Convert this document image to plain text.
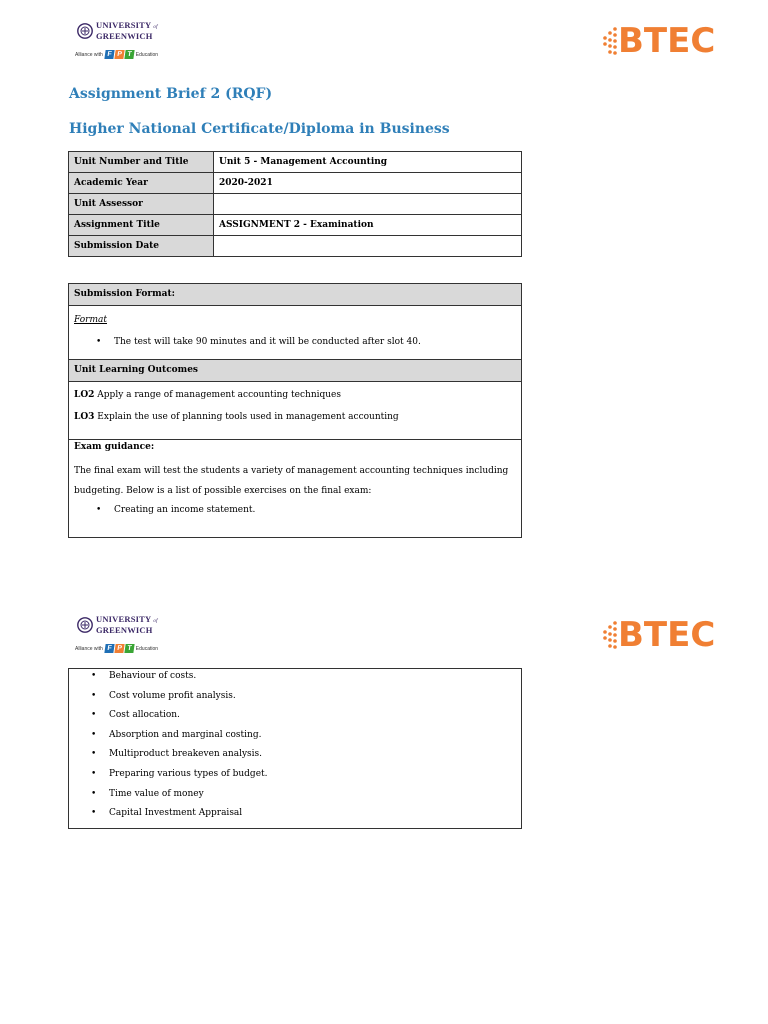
UNIVERSITY of
GREENWICH
Alliance with F P T Education	BTEC
Assignment Brief 2 (RQF)
Higher National Certificate/Diploma in Business
Unit Number and Title	Unit 5 - Management Accounting
Academic Year	2020-2021
Unit Assessor	
Assignment Title	ASSIGNMENT 2 - Examination
Submission Date	
Submission Format:

Format

• The test will take 90 minutes and it will be conducted after slot 40.
Unit Learning Outcomes

LO2 Apply a range of management accounting techniques

LO3 Explain the use of planning tools used in management accounting

Exam guidance:

The final exam will test the students a variety of management accounting techniques including

budgeting. Below is a list of possible exercises on the final exam:

• Creating an income statement.
UNIVERSITY of
GREENWICH
Alliance with F P T Education	BTEC
• Behaviour of costs.
• Cost volume profit analysis.
• Cost allocation.
• Absorption and marginal costing.
• Multiproduct breakeven analysis.
• Preparing various types of budget.
• Time value of money
• Capital Investment Appraisal
